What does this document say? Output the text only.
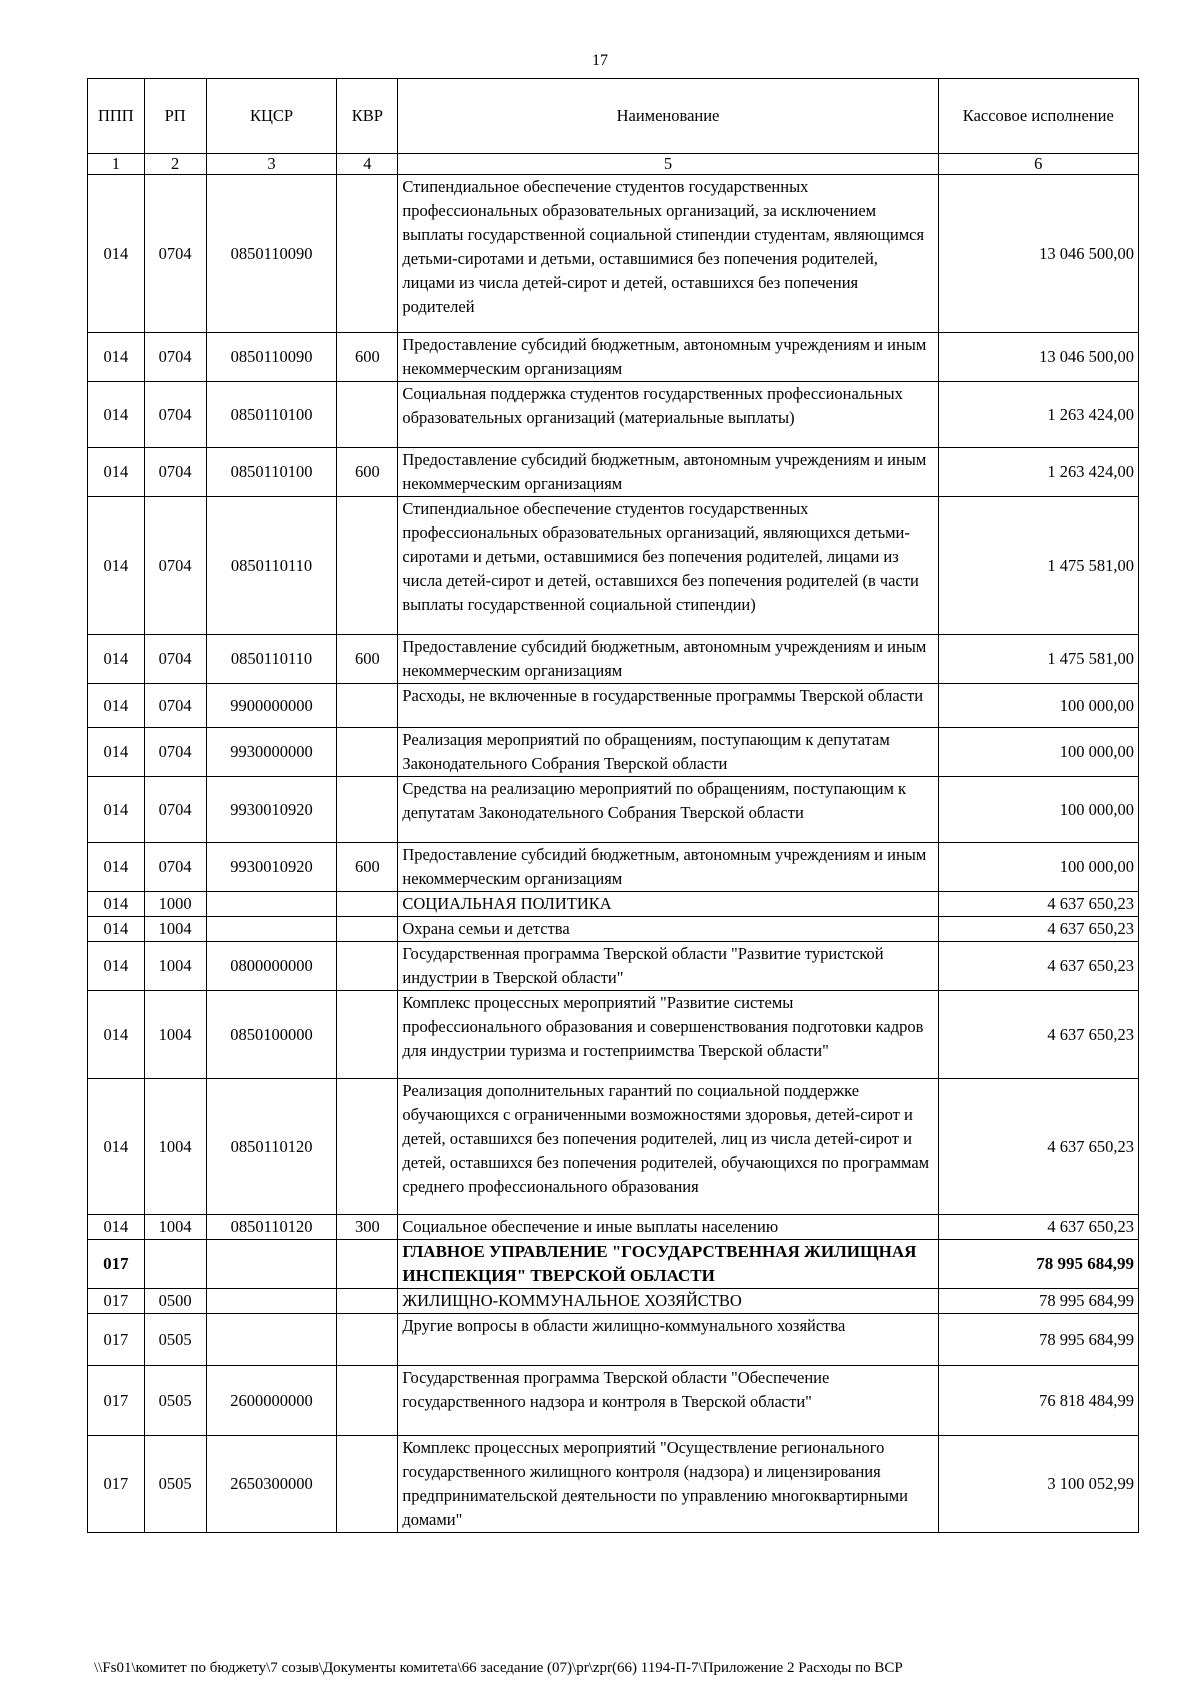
17
ППП	РП	КЦСР	КВР	Наименование	Кассовое исполнение
1	2	3	4	5	6
014	0704	0850110090		Стипендиальное обеспечение студентов государственных профессиональных образовательных организаций, за исключением выплаты государственной социальной стипендии студентам, являющимся детьми-сиротами и детьми, оставшимися без попечения родителей, лицами из числа детей-сирот и детей, оставшихся без попечения родителей	13 046 500,00
014	0704	0850110090	600	Предоставление субсидий бюджетным, автономным учреждениям и иным некоммерческим организациям	13 046 500,00
014	0704	0850110100		Социальная поддержка студентов государственных профессиональных образовательных организаций (материальные выплаты)	1 263 424,00
014	0704	0850110100	600	Предоставление субсидий бюджетным, автономным учреждениям и иным некоммерческим организациям	1 263 424,00
014	0704	0850110110		Стипендиальное обеспечение студентов государственных профессиональных образовательных организаций, являющихся детьми-сиротами и детьми, оставшимися без попечения родителей, лицами из числа детей-сирот и детей, оставшихся без попечения родителей (в части выплаты государственной социальной стипендии)	1 475 581,00
014	0704	0850110110	600	Предоставление субсидий бюджетным, автономным учреждениям и иным некоммерческим организациям	1 475 581,00
014	0704	9900000000		Расходы, не включенные в государственные программы Тверской области	100 000,00
014	0704	9930000000		Реализация мероприятий по обращениям, поступающим к депутатам Законодательного Собрания Тверской области	100 000,00
014	0704	9930010920		Средства на реализацию мероприятий по обращениям, поступающим к депутатам Законодательного Собрания Тверской области	100 000,00
014	0704	9930010920	600	Предоставление субсидий бюджетным, автономным учреждениям и иным некоммерческим организациям	100 000,00
014	1000			СОЦИАЛЬНАЯ ПОЛИТИКА	4 637 650,23
014	1004			Охрана семьи и детства	4 637 650,23
014	1004	0800000000		Государственная программа Тверской области "Развитие туристской индустрии в Тверской области"	4 637 650,23
014	1004	0850100000		Комплекс процессных мероприятий "Развитие системы профессионального образования и совершенствования подготовки кадров для индустрии туризма и гостеприимства Тверской области"	4 637 650,23
014	1004	0850110120		Реализация дополнительных гарантий по социальной поддержке обучающихся с ограниченными возможностями здоровья, детей-сирот и детей, оставшихся без попечения родителей, лиц из числа детей-сирот и детей, оставшихся без попечения родителей, обучающихся по программам среднего профессионального образования	4 637 650,23
014	1004	0850110120	300	Социальное обеспечение и иные выплаты населению	4 637 650,23
017				ГЛАВНОЕ УПРАВЛЕНИЕ "ГОСУДАРСТВЕННАЯ ЖИЛИЩНАЯ ИНСПЕКЦИЯ" ТВЕРСКОЙ ОБЛАСТИ	78 995 684,99
017	0500			ЖИЛИЩНО-КОММУНАЛЬНОЕ ХОЗЯЙСТВО	78 995 684,99
017	0505			Другие вопросы в области жилищно-коммунального хозяйства	78 995 684,99
017	0505	2600000000		Государственная программа Тверской области "Обеспечение государственного надзора и контроля в Тверской области"	76 818 484,99
017	0505	2650300000		Комплекс процессных мероприятий "Осуществление регионального государственного жилищного контроля (надзора) и лицензирования предпринимательской деятельности по управлению многоквартирными домами"	3 100 052,99
\\Fs01\комитет по бюджету\7 созыв\Документы комитета\66 заседание (07)\pr\zpr(66) 1194-П-7\Приложение 2 Расходы по ВСР
